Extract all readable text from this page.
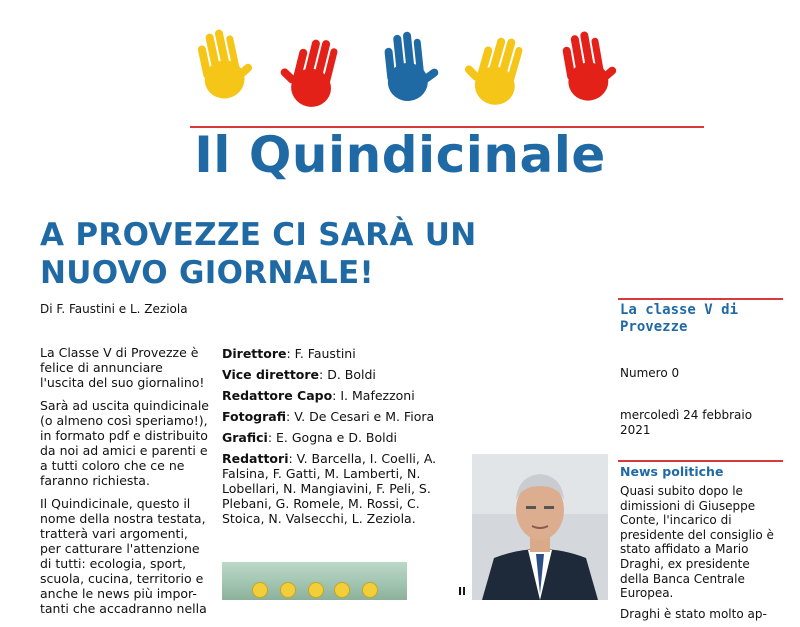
Il Quindicinale
A PROVEZZE CI SARÀ UN
NUOVO GIORNALE!
Di F. Faustini e L. Zeziola

La Classe V di Provezze è felice di annunciare l'uscita del suo giornalino!

Sarà ad uscita quindicinale (o almeno così speriamo!), in formato pdf e distribuito da noi ad amici e parenti e a tutti coloro che ce ne faranno richiesta.

Il Quindicinale, questo il nome della nostra testata, tratterà vari argomenti, per catturare l'attenzione di tutti: ecologia, sport, scuola, cucina, territorio e anche le news più impor-tanti che accadranno nella

Direttore: F. Faustini

Vice direttore: D. Boldi

Redattore Capo: I. Mafezzoni

Fotografi: V. De Cesari e M. Fiora

Grafici: E. Gogna e D. Boldi

Redattori: V. Barcella, I. Coelli, A. Falsina, F. Gatti, M. Lamberti, N. Lobellari, N. Mangiavini, F. Peli, S. Plebani, G. Romele, M. Rossi, C. Stoica, N. Valsecchi, L. Zeziola.

Il
La classe V di Provezze
Numero 0
mercoledì 24 febbraio 2021
News politiche

Quasi subito dopo le dimissioni di Giuseppe Conte, l'incarico di presidente del consiglio è stato affidato a Mario Draghi, ex presidente della Banca Centrale Europea.

Draghi è stato molto ap-
